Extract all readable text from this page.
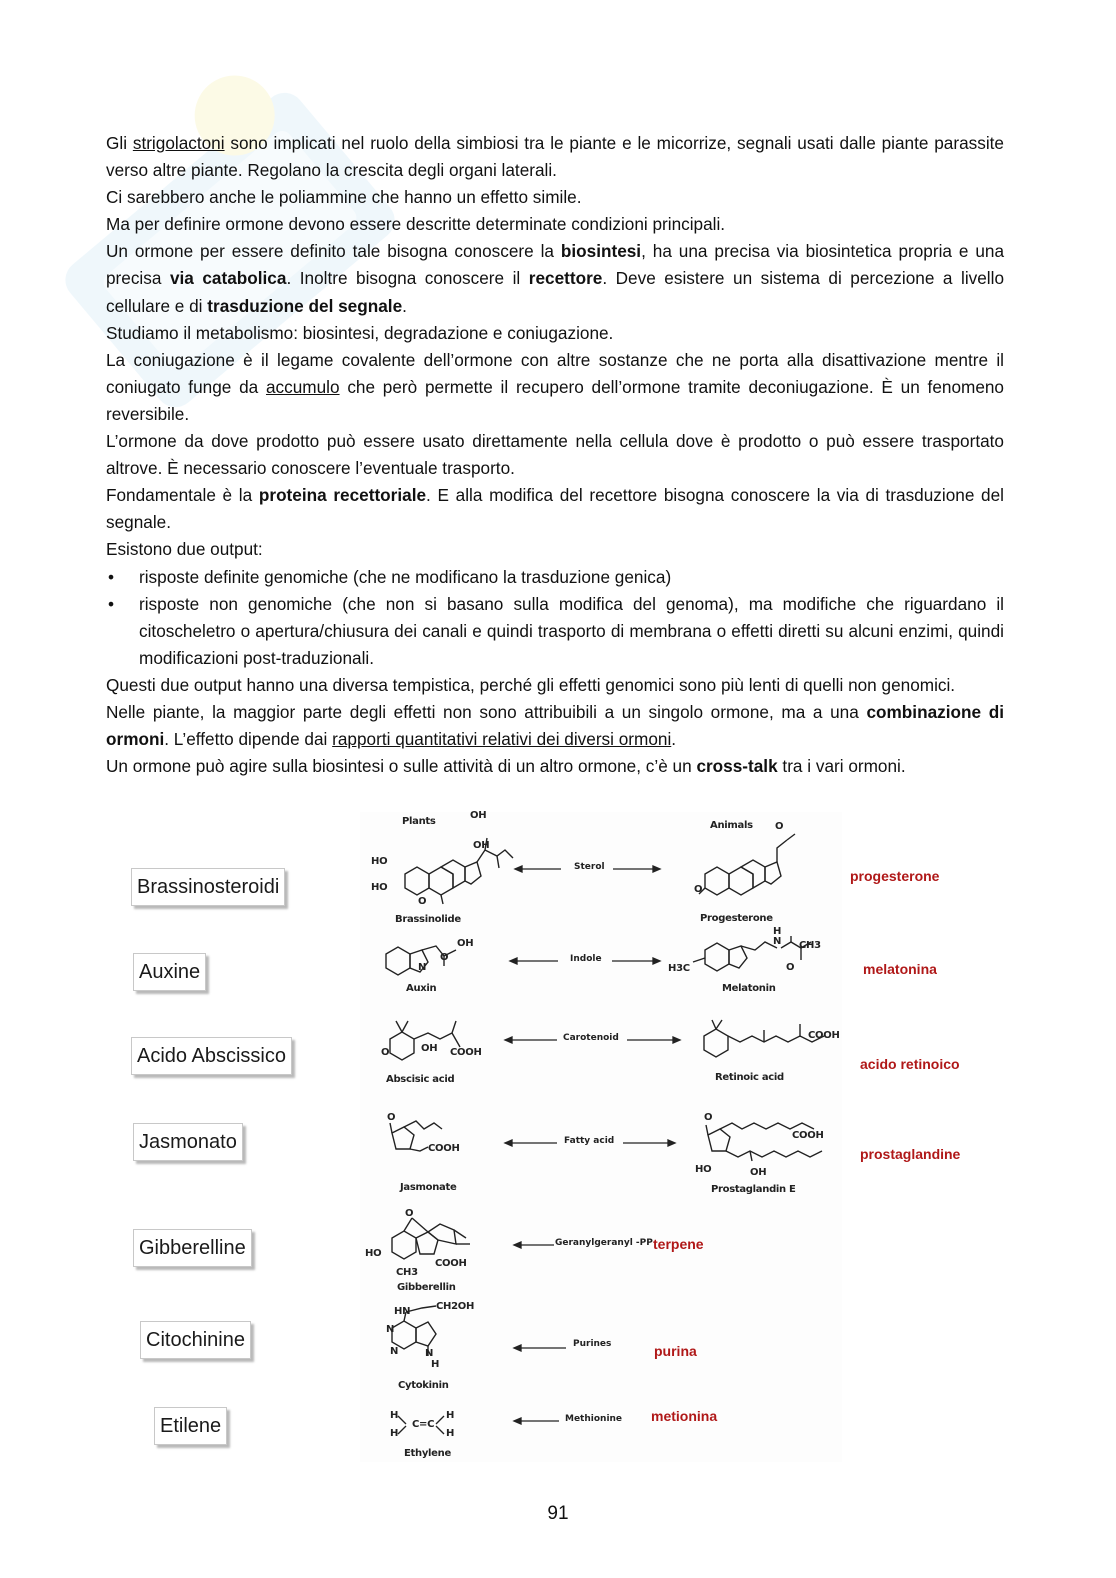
Gli strigolactoni sono implicati nel ruolo della simbiosi tra le piante e le micorrize, segnali usati dalle piante parassite verso altre piante. Regolano la crescita degli organi laterali.

Ci sarebbero anche le poliammine che hanno un effetto simile.

Ma per definire ormone devono essere descritte determinate condizioni principali.

Un ormone per essere definito tale bisogna conoscere la biosintesi, ha una precisa via biosintetica propria e una precisa via catabolica. Inoltre bisogna conoscere il recettore. Deve esistere un sistema di percezione a livello cellulare e di trasduzione del segnale.

Studiamo il metabolismo: biosintesi, degradazione e coniugazione.

La coniugazione è il legame covalente dell’ormone con altre sostanze che ne porta alla disattivazione mentre il coniugato funge da accumulo che però permette il recupero dell’ormone tramite deconiugazione. È un fenomeno reversibile.

L’ormone da dove prodotto può essere usato direttamente nella cellula dove è prodotto o può essere trasportato altrove. È necessario conoscere l’eventuale trasporto.

Fondamentale è la proteina recettoriale. E alla modifica del recettore bisogna conoscere la via di trasduzione del segnale.

Esistono due output:

• risposte definite genomiche (che ne modificano la trasduzione genica)
• risposte non genomiche (che non si basano sulla modifica del genoma), ma modifiche che riguardano il citoscheletro o apertura/chiusura dei canali e quindi trasporto di membrana o effetti diretti su alcuni enzimi, quindi modificazioni post-traduzionali.

Questi due output hanno una diversa tempistica, perché gli effetti genomici sono più lenti di quelli non genomici.

Nelle piante, la maggior parte degli effetti non sono attribuibili a un singolo ormone, ma a una combinazione di ormoni. L’effetto dipende dai rapporti quantitativi relativi dei diversi ormoni.

Un ormone può agire sulla biosintesi o sulle attività di un altro ormone, c’è un cross-talk tra i vari ormoni.

Plants	Animals
Brassinosteroidi
Auxine
Acido Abscissico
Jasmonato
Gibberelline
Citochinine
Etilene
OH
OH
HO
HO
O
Brassinolide
Sterol
O
O
Progesterone
progesterone
N
OH
O
Auxin
Indole
H3C
H
N CH3
O
Melatonin
melatonina
O	OH COOH
Abscisic acid
Carotenoid	COOH
Retinoic acid
acido retinoico
O
COOH
Jasmonate
Fatty acid
O
COOH
HO	OH
Prostaglandin E
prostaglandine
O
HO
COOH
CH3
Gibberellin
Geranylgeranyl -PP terpene
HN	CH2OH
N
N	N
H
Cytokinin
Purines	purina
H
H
C=C
H
H
Ethylene
Methionine metionina
91
